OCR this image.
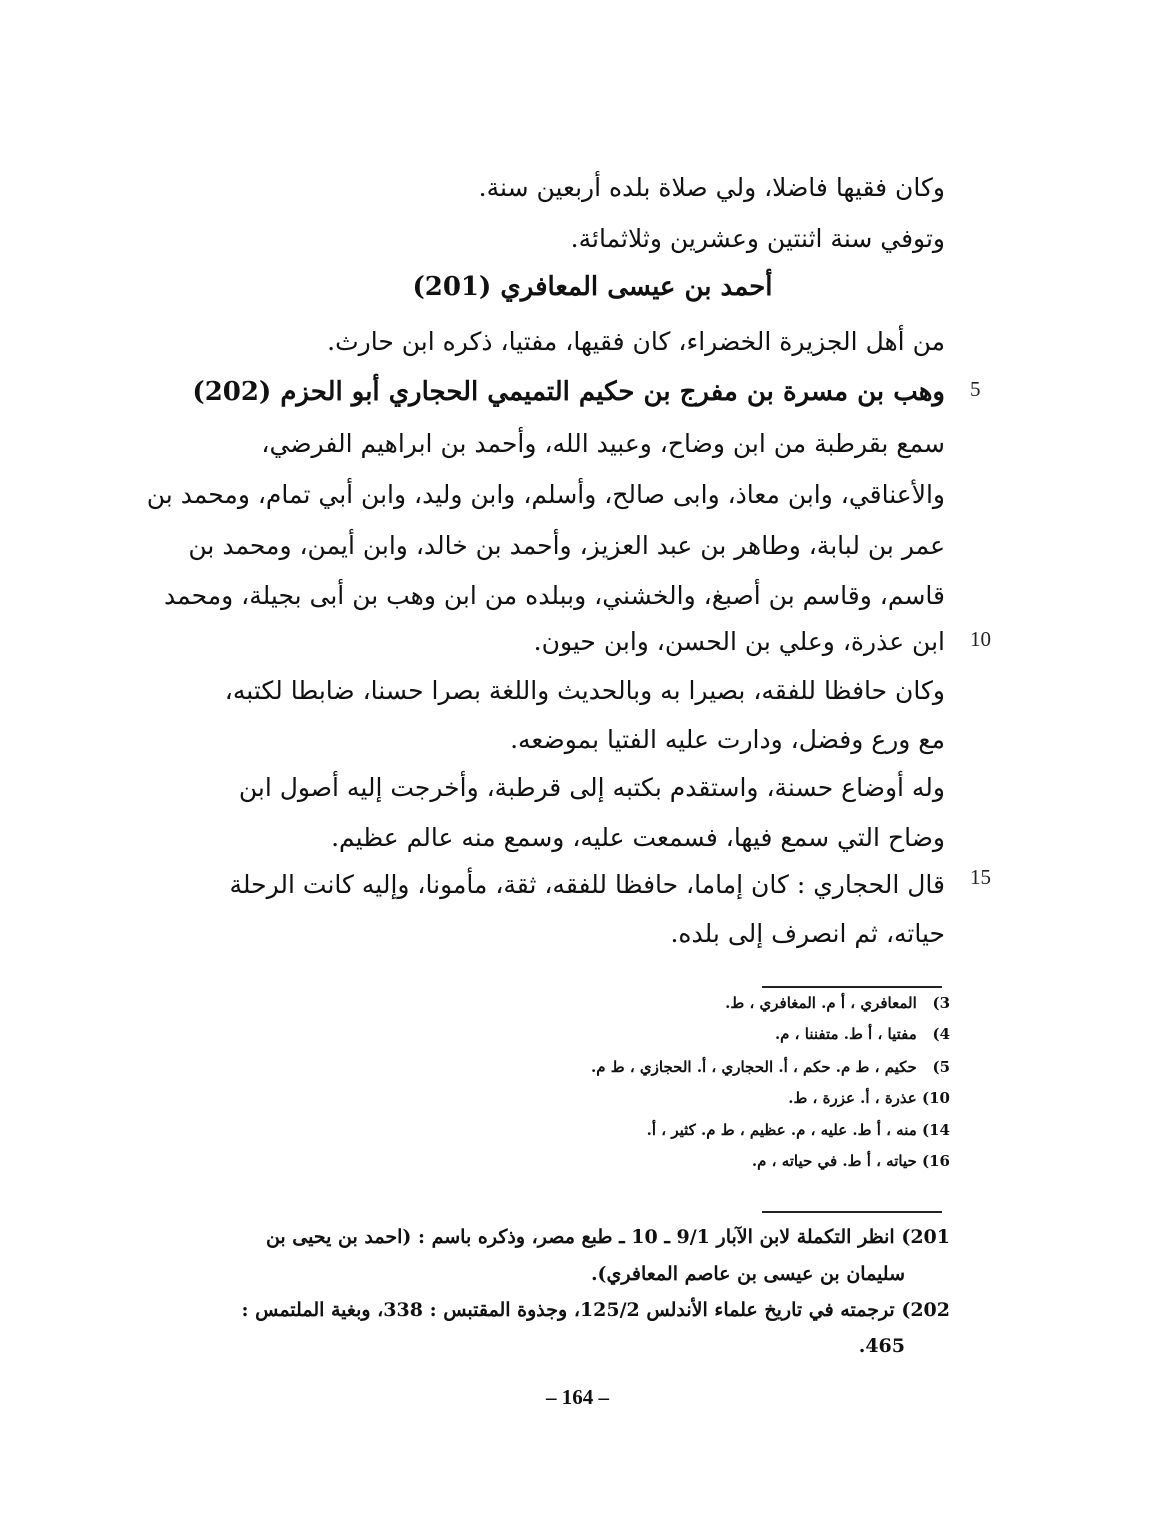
وكان فقيها فاضلا، ولي صلاة بلده أربعين سنة.
وتوفي سنة اثنتين وعشرين وثلاثمائة.
أحمد بن عيسى المعافري (201)
من أهل الجزيرة الخضراء، كان فقيها، مفتيا، ذكره ابن حارث.
5
وهب بن مسرة بن مفرج بن حكيم التميمي الحجاري أبو الحزم (202)
سمع بقرطبة من ابن وضاح، وعبيد الله، وأحمد بن ابراهيم الفرضي،
والأعناقي، وابن معاذ، وابى صالح، وأسلم، وابن وليد، وابن أبي تمام، ومحمد بن
عمر بن لبابة، وطاهر بن عبد العزيز، وأحمد بن خالد، وابن أيمن، ومحمد بن
قاسم، وقاسم بن أصبغ، والخشني، وببلده من ابن وهب بن أبى بجيلة، ومحمد
10
ابن عذرة، وعلي بن الحسن، وابن حيون.
وكان حافظا للفقه، بصيرا به وبالحديث واللغة بصرا حسنا، ضابطا لكتبه،
مع ورع وفضل، ودارت عليه الفتيا بموضعه.
وله أوضاع حسنة، واستقدم بكتبه إلى قرطبة، وأخرجت إليه أصول ابن
وضاح التي سمع فيها، فسمعت عليه، وسمع منه عالم عظيم.
15
قال الحجاري : كان إماما، حافظا للفقه، ثقة، مأمونا، وإليه كانت الرحلة
حياته، ثم انصرف إلى بلده.
3) المعافري ، أ م. المغافري ، ط.
4) مفتيا ، أ ط. متفننا ، م.
5) حكيم ، ط م. حكم ، أ. الحجاري ، أ. الحجازي ، ط م.
10) عذرة ، أ. عزرة ، ط.
14) منه ، أ ط. عليه ، م. عظيم ، ط م. كثير ، أ.
16) حياته ، أ ط. في حياته ، م.
201) انظر التكملة لابن الآبار 9/1 ـ 10 ـ طبع مصر، وذكره باسم : (احمد بن يحيى بن
سليمان بن عيسى بن عاصم المعافري).
202) ترجمته في تاريخ علماء الأندلس 125/2، وجذوة المقتبس : 338، وبغية الملتمس :
.465
– 164 –
